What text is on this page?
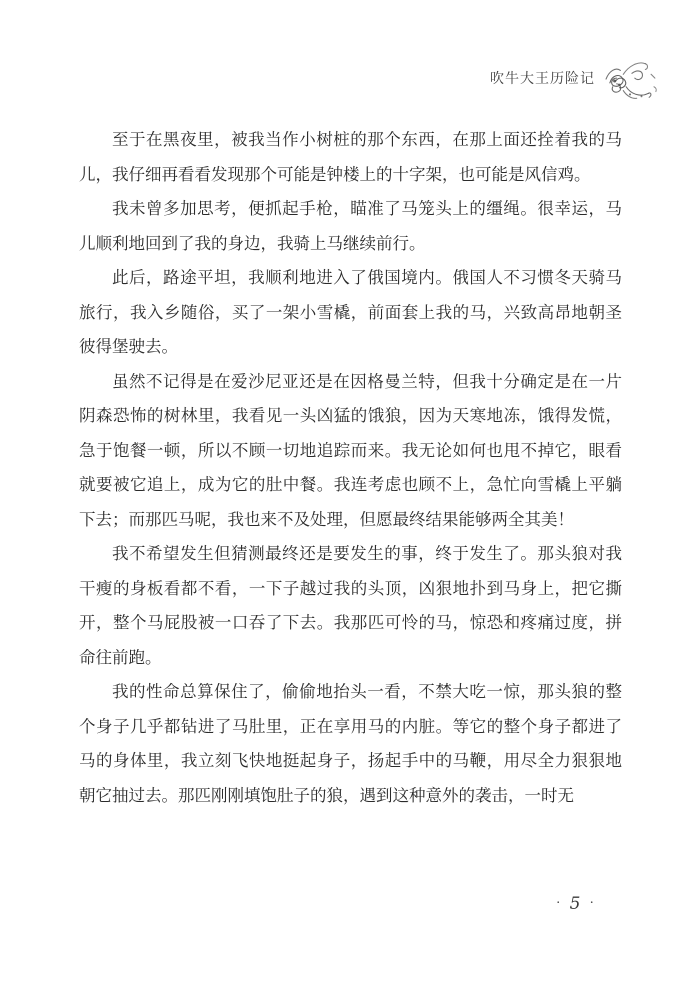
吹牛大王历险记

至于在黑夜里，被我当作小树桩的那个东西，在那上面还拴着我的马儿，我仔细再看看发现那个可能是钟楼上的十字架，也可能是风信鸡。

我未曾多加思考，便抓起手枪，瞄准了马笼头上的缰绳。很幸运，马儿顺利地回到了我的身边，我骑上马继续前行。

此后，路途平坦，我顺利地进入了俄国境内。俄国人不习惯冬天骑马旅行，我入乡随俗，买了一架小雪橇，前面套上我的马，兴致高昂地朝圣彼得堡驶去。

虽然不记得是在爱沙尼亚还是在因格曼兰特，但我十分确定是在一片阴森恐怖的树林里，我看见一头凶猛的饿狼，因为天寒地冻，饿得发慌，急于饱餐一顿，所以不顾一切地追踪而来。我无论如何也甩不掉它，眼看就要被它追上，成为它的肚中餐。我连考虑也顾不上，急忙向雪橇上平躺下去；而那匹马呢，我也来不及处理，但愿最终结果能够两全其美！

我不希望发生但猜测最终还是要发生的事，终于发生了。那头狼对我干瘦的身板看都不看，一下子越过我的头顶，凶狠地扑到马身上，把它撕开，整个马屁股被一口吞了下去。我那匹可怜的马，惊恐和疼痛过度，拼命往前跑。

我的性命总算保住了，偷偷地抬头一看，不禁大吃一惊，那头狼的整个身子几乎都钻进了马肚里，正在享用马的内脏。等它的整个身子都进了马的身体里，我立刻飞快地挺起身子，扬起手中的马鞭，用尽全力狠狠地朝它抽过去。那匹刚刚填饱肚子的狼，遇到这种意外的袭击，一时无

· 5 ·
